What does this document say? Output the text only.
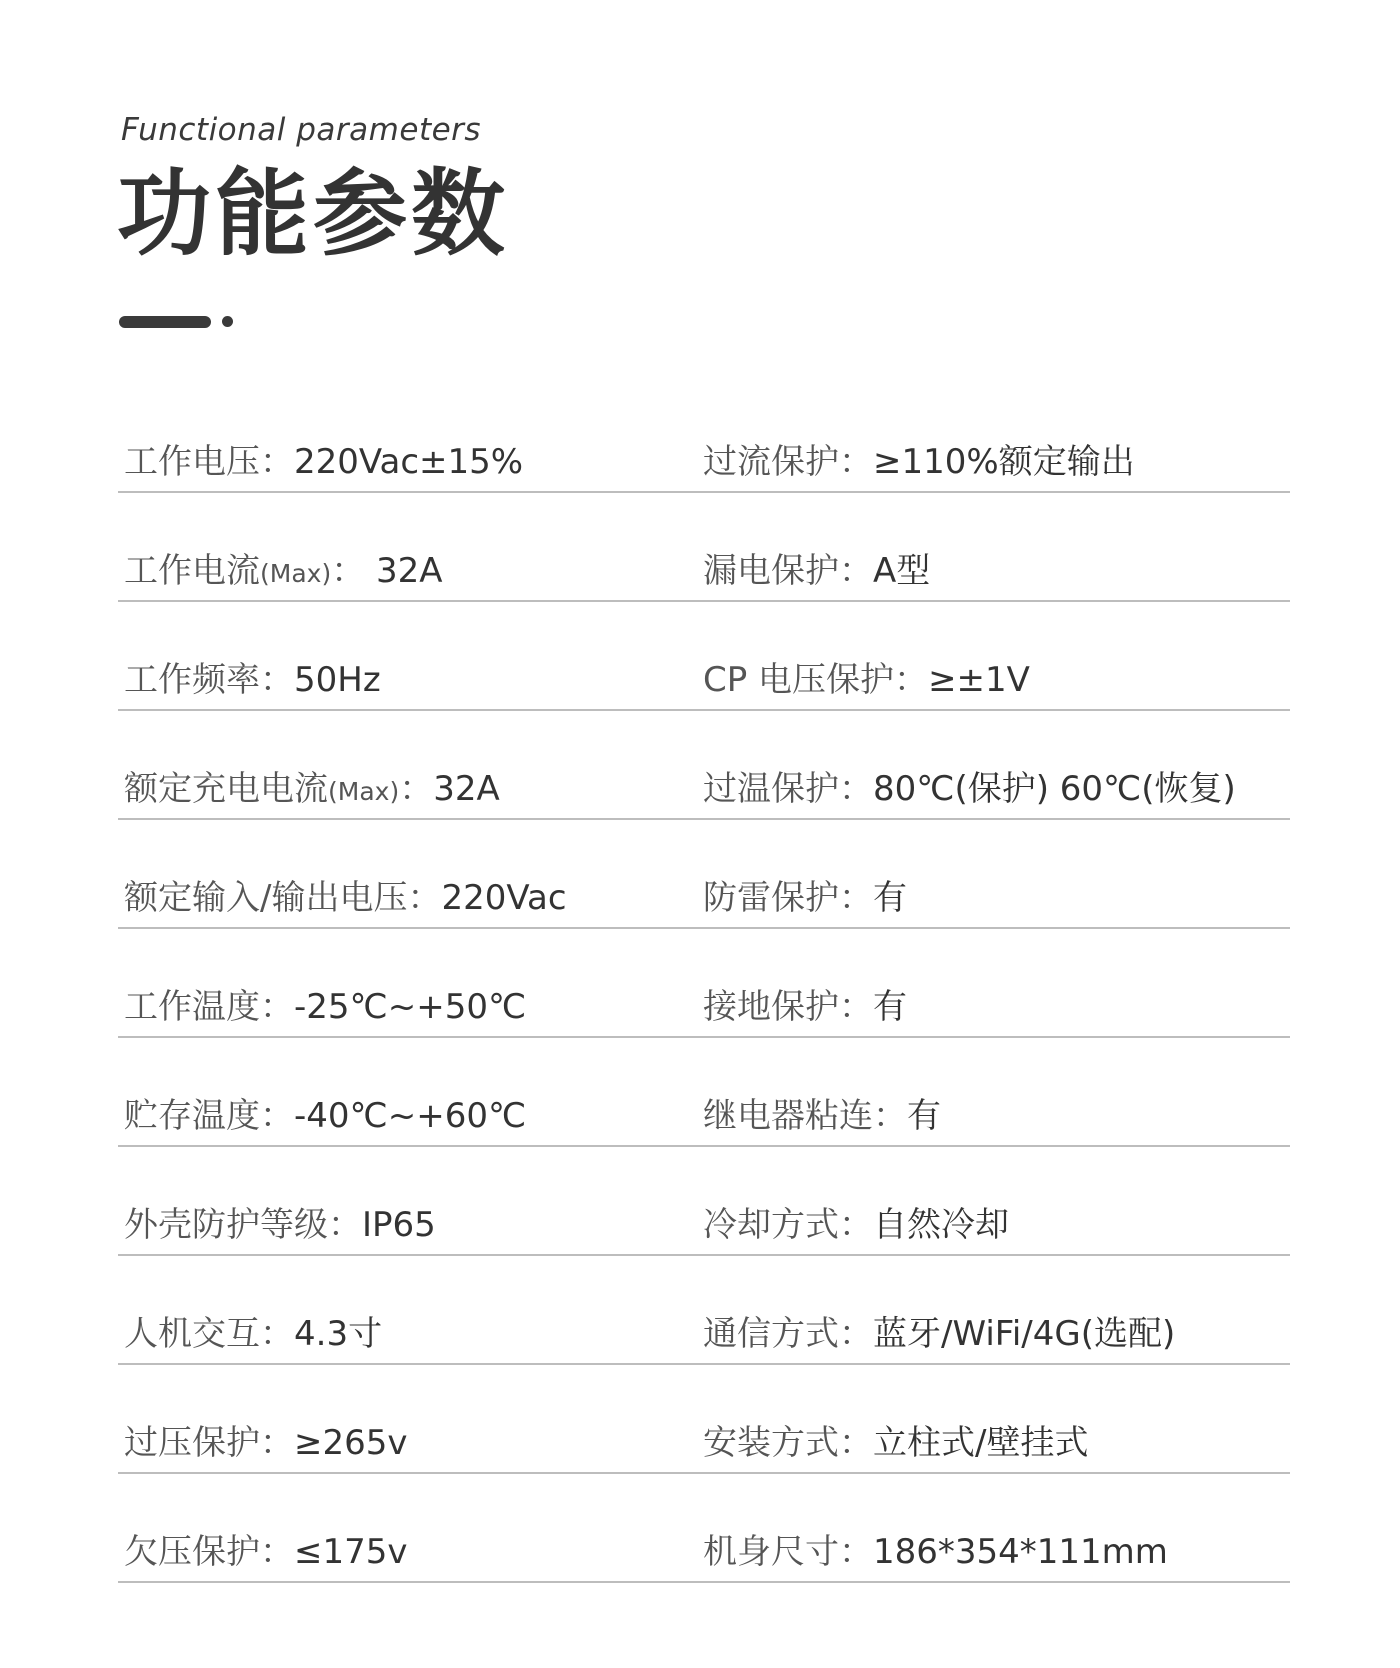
Functional parameters
功能参数
工作电压：220Vac±15%	过流保护：≥110%额定输出
工作电流(Max)： 32A	漏电保护：A型
工作频率：50Hz	CP 电压保护：≥±1V
额定充电电流(Max)：32A	过温保护：80℃(保护) 60℃(恢复)
额定输入/输出电压：220Vac	防雷保护：有
工作温度：-25℃~+50℃	接地保护：有
贮存温度：-40℃~+60℃	继电器粘连：有
外壳防护等级：IP65	冷却方式：自然冷却
人机交互：4.3寸	通信方式：蓝牙/WiFi/4G(选配)
过压保护：≥265v	安装方式：立柱式/壁挂式
欠压保护：≤175v	机身尺寸：186*354*111mm
